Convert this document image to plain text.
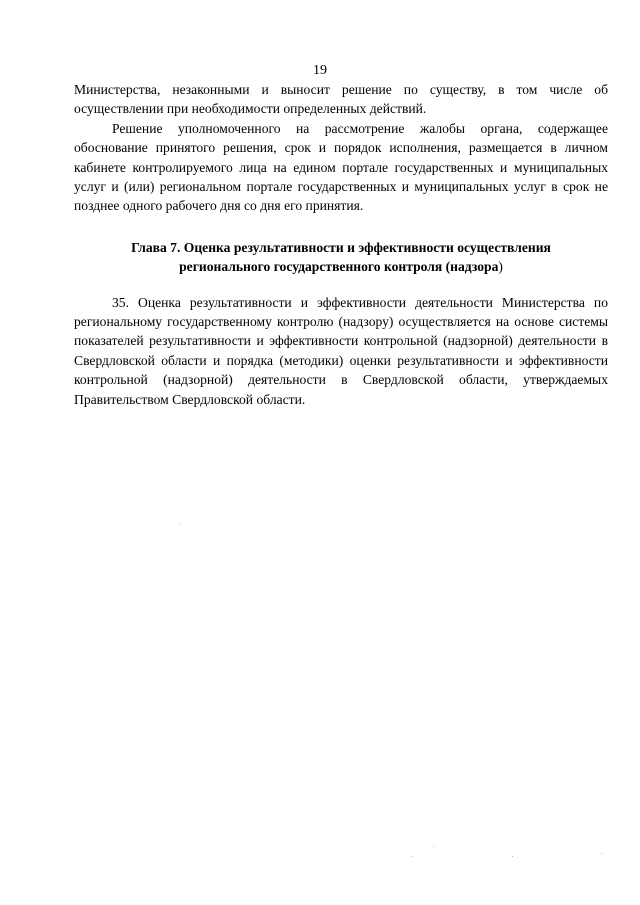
19

Министерства, незаконными и выносит решение по существу, в том числе об осуществлении при необходимости определенных действий.

Решение уполномоченного на рассмотрение жалобы органа, содержащее обоснование принятого решения, срок и порядок исполнения, размещается в личном кабинете контролируемого лица на едином портале государственных и муниципальных услуг и (или) региональном портале государственных и муниципальных услуг в срок не позднее одного рабочего дня со дня его принятия.

Глава 7. Оценка результативности и эффективности осуществления
регионального государственного контроля (надзора)

35. Оценка результативности и эффективности деятельности Министерства по региональному государственному контролю (надзору) осуществляется на основе системы показателей результативности и эффективности контрольной (надзорной) деятельности в Свердловской области и порядка (методики) оценки результативности и эффективности контрольной (надзорной) деятельности в Свердловской области, утверждаемых Правительством Свердловской области.
